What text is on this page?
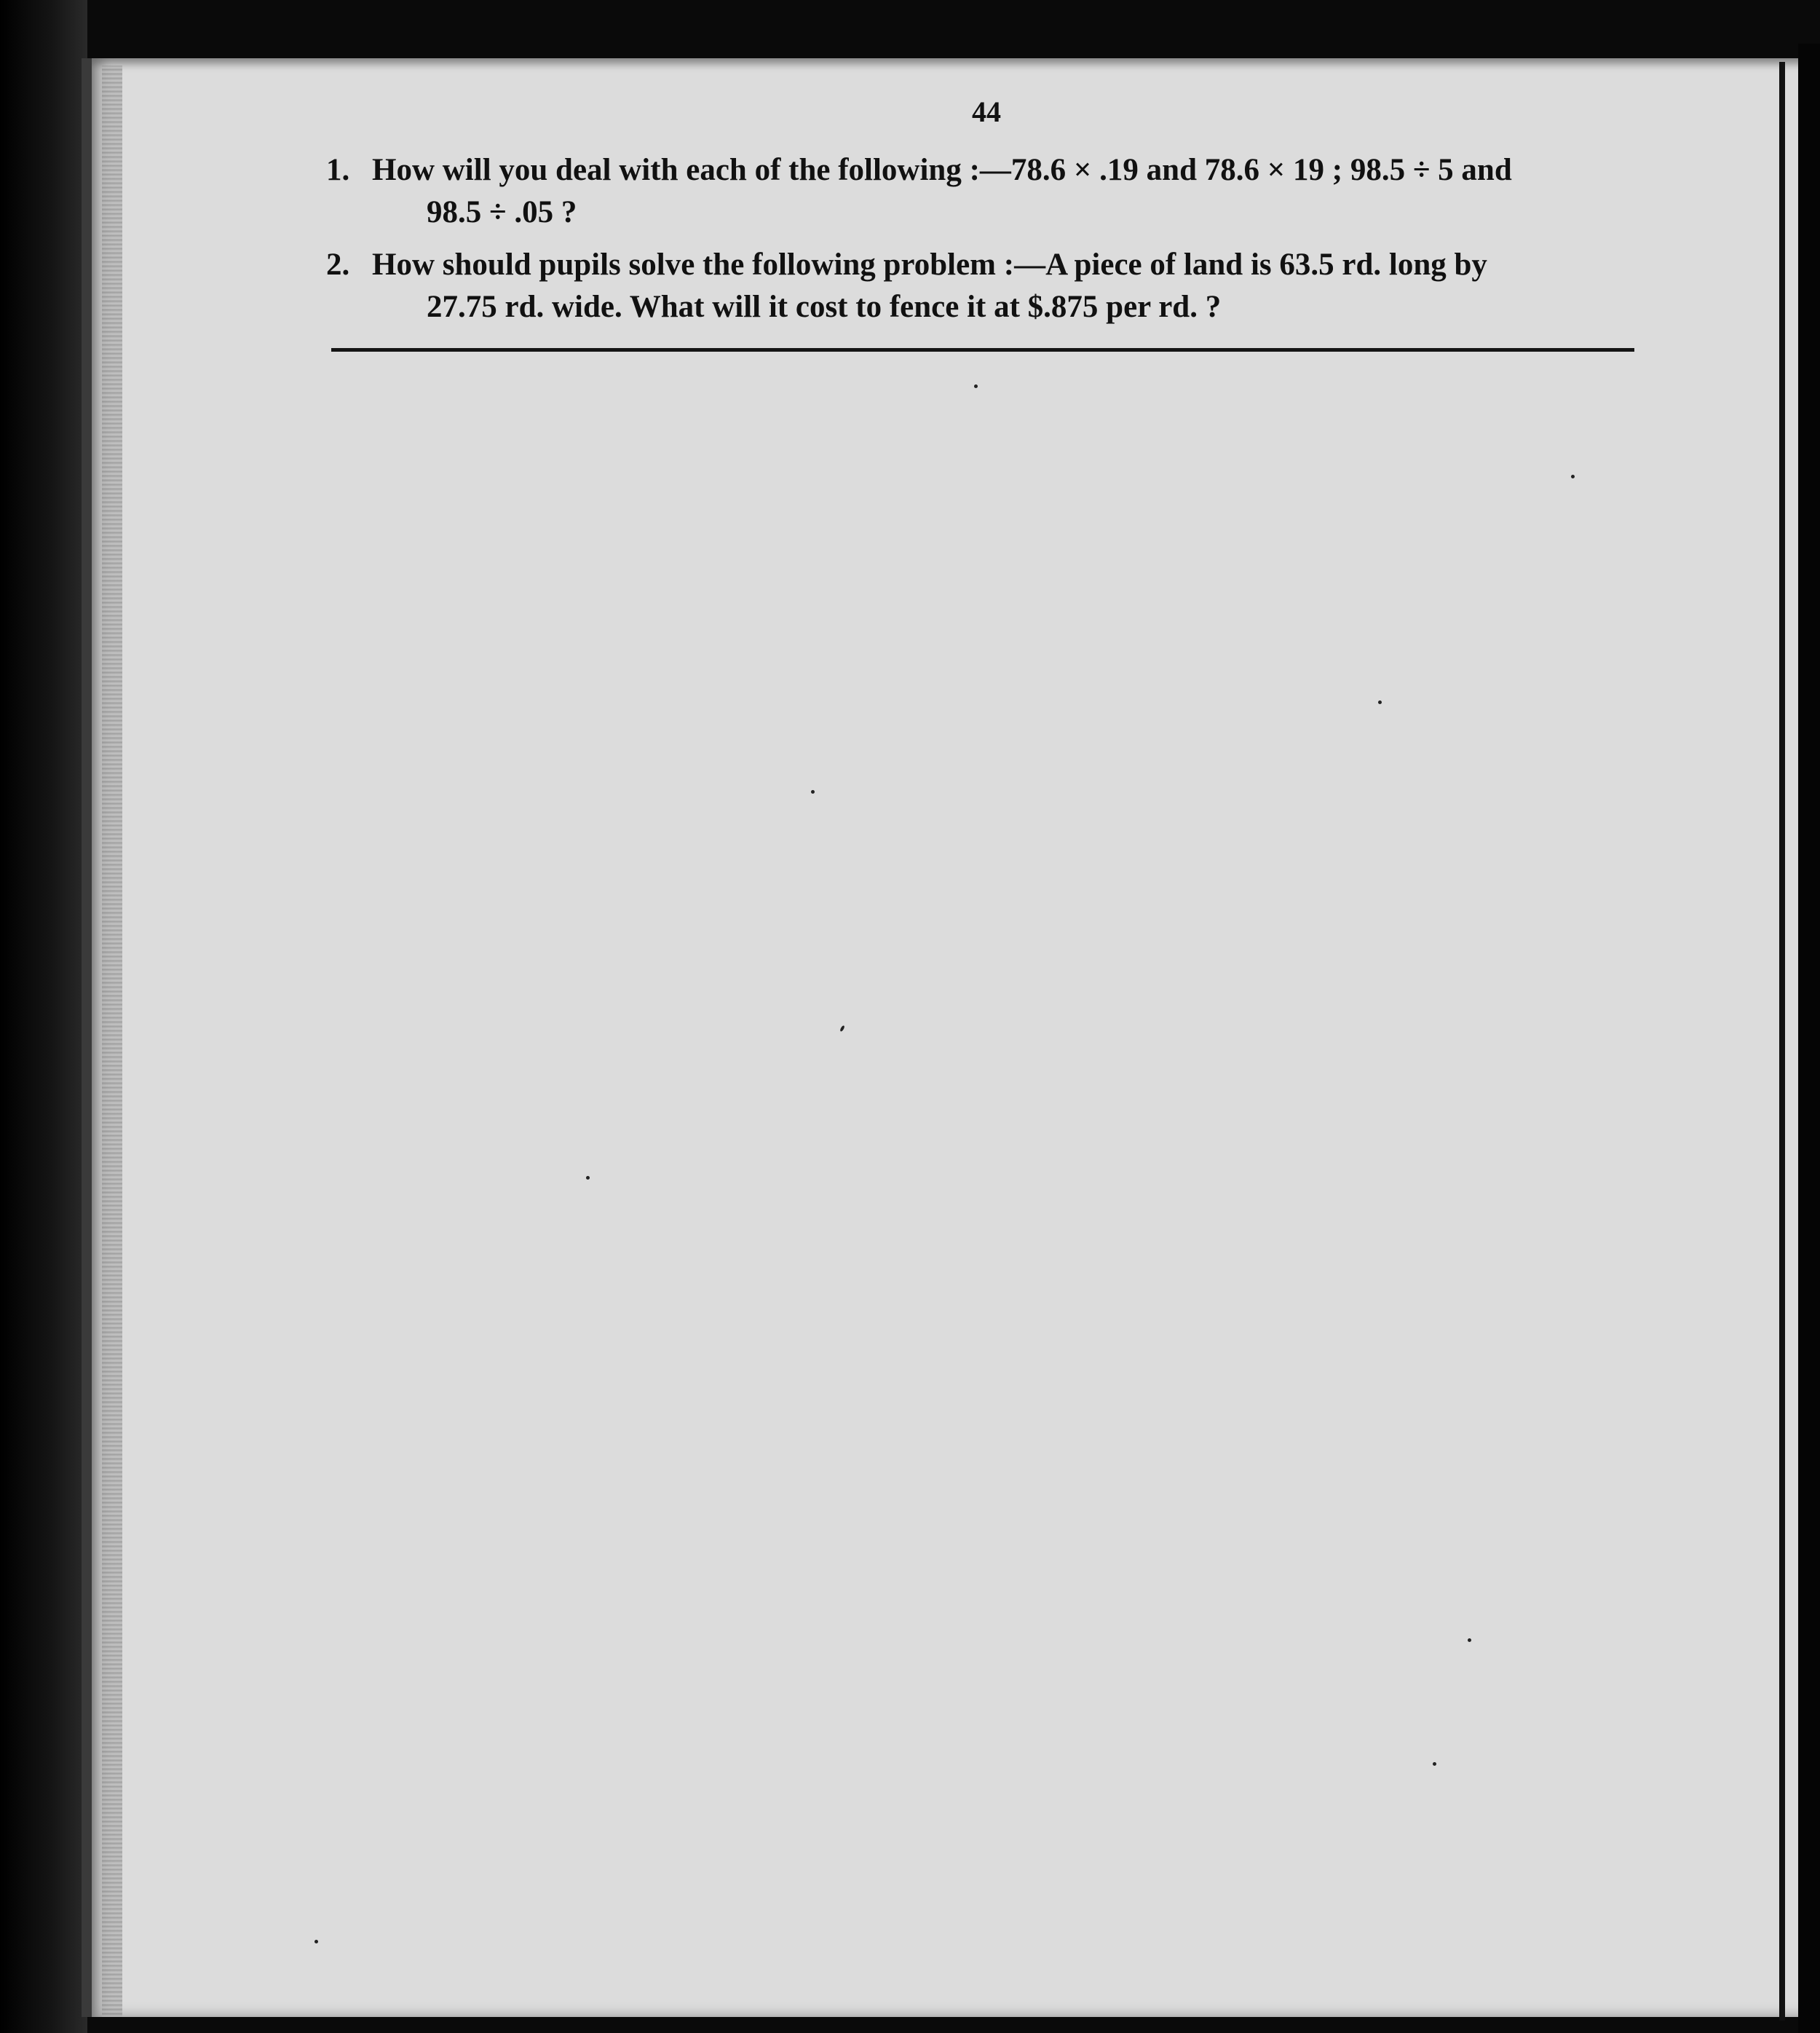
44
1. How will you deal with each of the following :—78.6 × .19 and 78.6 × 19 ; 98.5 ÷ 5 and
98.5 ÷ .05 ?
2. How should pupils solve the following problem :—A piece of land is 63.5 rd. long by
27.75 rd. wide. What will it cost to fence it at $.875 per rd. ?
